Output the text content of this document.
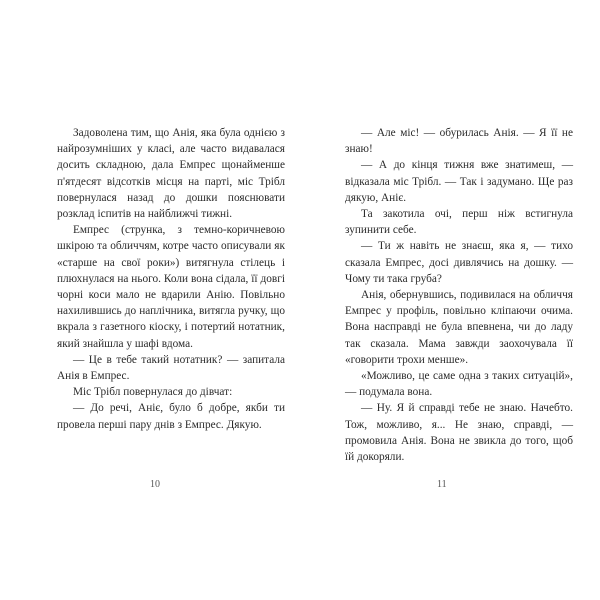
Задоволена тим, що Анія, яка була однією з найрозумніших у класі, але часто видавалася досить складною, дала Емпрес щонайменше п'ятдесят відсотків місця на парті, міс Трібл повернулася назад до дошки пояснювати розклад іспитів на найближчі тижні.

Емпрес (струнка, з темно-коричневою шкірою та обличчям, котре часто описували як «старше на свої роки») витягнула стілець і плюхнулася на нього. Коли вона сідала, її довгі чорні коси мало не вдарили Анію. Повільно нахилившись до наплічника, витягла ручку, що вкрала з газетного кіоску, і потертий нотатник, який знайшла у шафі вдома.

— Це в тебе такий нотатник? — запитала Анія в Емпрес.

Міс Трібл повернулася до дівчат:

— До речі, Аніє, було б добре, якби ти провела перші пару днів з Емпрес. Дякую.

10

— Але міс! — обурилась Анія. — Я її не знаю!

— А до кінця тижня вже знатимеш, — відказала міс Трібл. — Так і задумано. Ще раз дякую, Аніє.

Та закотила очі, перш ніж встигнула зупинити себе.

— Ти ж навіть не знаєш, яка я, — тихо сказала Емпрес, досі дивлячись на дошку. — Чому ти така груба?

Анія, обернувшись, подивилася на обличчя Емпрес у профіль, повільно кліпаючи очима. Вона насправді не була впевнена, чи до ладу так сказала. Мама завжди заохочувала її «говорити трохи менше».

«Можливо, це саме одна з таких ситуацій», — подумала вона.

— Ну. Я й справді тебе не знаю. Начебто. Тож, можливо, я... Не знаю, справді, — промовила Анія. Вона не звикла до того, щоб їй докоряли.

11
